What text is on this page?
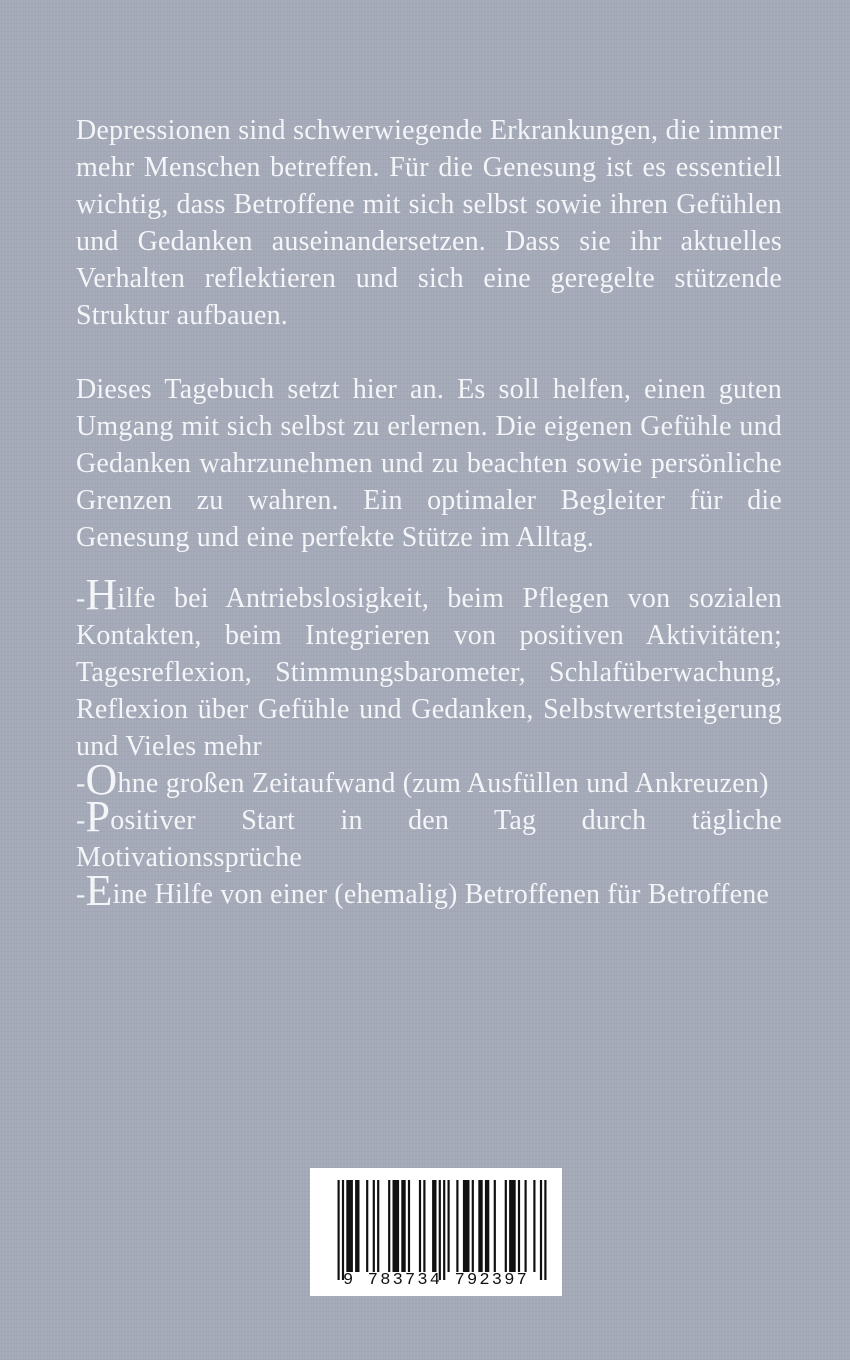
Depressionen sind schwerwiegende Erkrankungen, die immer mehr Menschen betreffen. Für die Genesung ist es essentiell wichtig, dass Betroffene mit sich selbst sowie ihren Gefühlen und Gedanken auseinandersetzen. Dass sie ihr aktuelles Verhalten reflektieren und sich eine geregelte stützende Struktur aufbauen.

Dieses Tagebuch setzt hier an. Es soll helfen, einen guten Umgang mit sich selbst zu erlernen. Die eigenen Gefühle und Gedanken wahrzunehmen und zu beachten sowie persönliche Grenzen zu wahren. Ein optimaler Begleiter für die Genesung und eine perfekte Stütze im Alltag.

-Hilfe bei Antriebslosigkeit, beim Pflegen von sozialen Kontakten, beim Integrieren von positiven Aktivitäten; Tagesreflexion, Stimmungsbarometer, Schlafüberwachung, Reflexion über Gefühle und Gedanken, Selbstwertsteigerung und Vieles mehr
-Ohne großen Zeitaufwand (zum Ausfüllen und Ankreuzen)
-Positiver Start in den Tag durch tägliche Motivationssprüche
-Eine Hilfe von einer (ehemalig) Betroffenen für Betroffene
9 783734 792397
